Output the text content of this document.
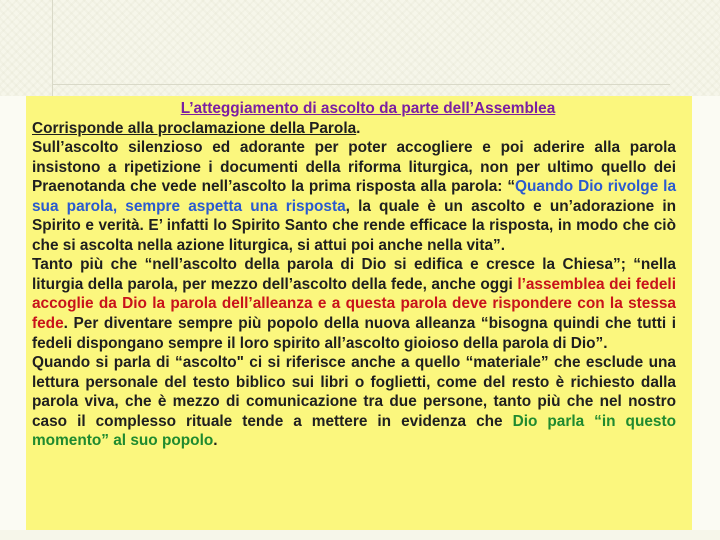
L’atteggiamento di ascolto da parte dell’Assemblea
Corrisponde alla proclamazione della Parola.

Sull’ascolto silenzioso ed adorante per poter accogliere e poi aderire alla parola insistono a ripetizione i documenti della riforma liturgica, non per ultimo quello dei Praenotanda che vede nell’ascolto la prima risposta alla parola: “Quando Dio rivolge la sua parola, sempre aspetta una risposta, la quale è un ascolto e un’adorazione in Spirito e verità. E’ infatti lo Spirito Santo che rende efficace la risposta, in modo che ciò che si ascolta nella azione liturgica, si attui poi anche nella vita”.

Tanto più che “nell’ascolto della parola di Dio si edifica e cresce la Chiesa”; “nella liturgia della parola, per mezzo dell’ascolto della fede, anche oggi l’assemblea dei fedeli accoglie da Dio la parola dell’alleanza e a questa parola deve rispondere con la stessa fede. Per diventare sempre più popolo della nuova alleanza “bisogna quindi che tutti i fedeli dispongano sempre il loro spirito all’ascolto gioioso della parola di Dio”.

Quando si parla di “ascolto" ci si riferisce anche a quello “materiale” che esclude una lettura personale del testo biblico sui libri o foglietti, come del resto è richiesto dalla parola viva, che è mezzo di comunicazione tra due persone, tanto più che nel nostro caso il complesso rituale tende a mettere in evidenza che Dio parla “in questo momento” al suo popolo.
